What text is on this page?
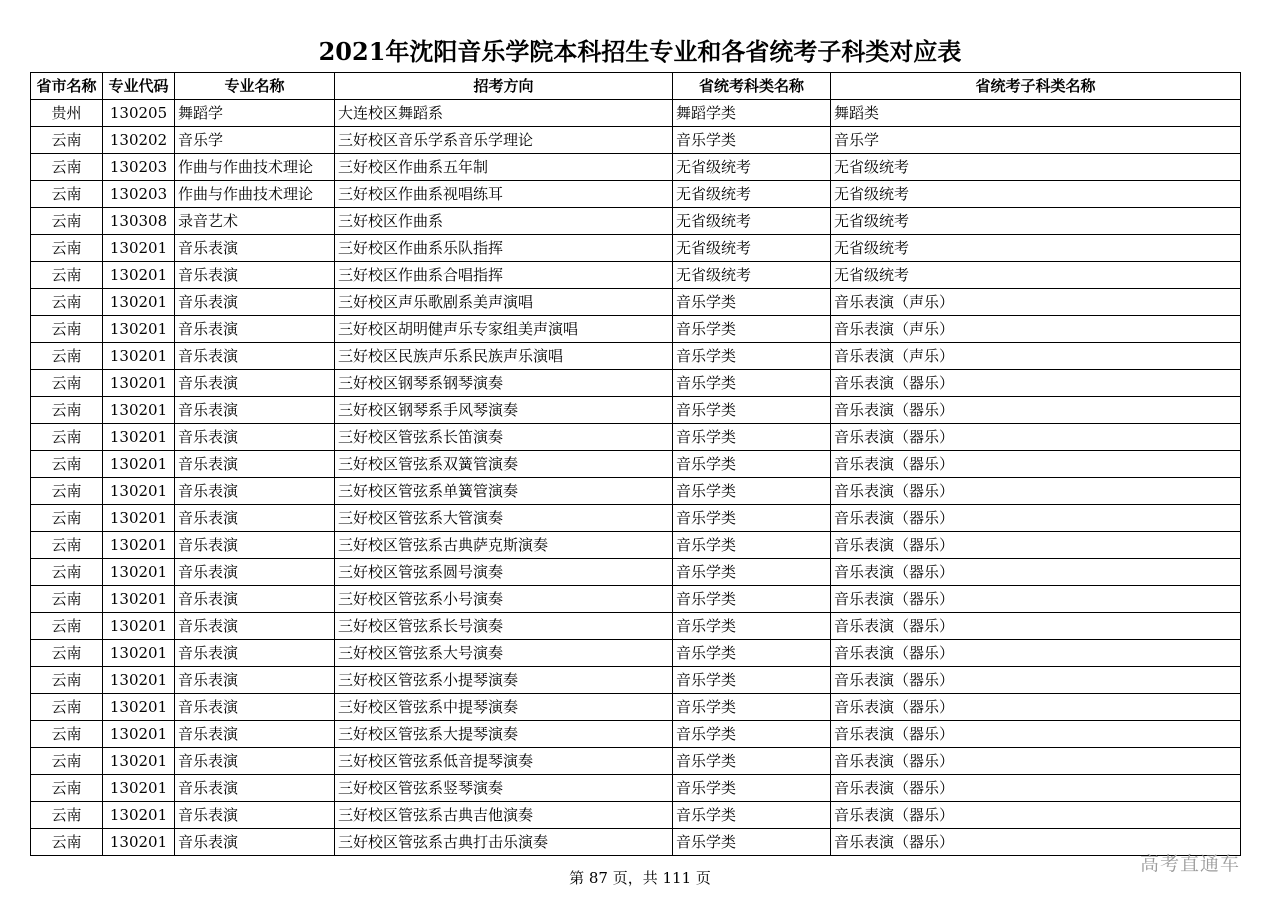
2021年沈阳音乐学院本科招生专业和各省统考子科类对应表
省市名称	专业代码	专业名称	招考方向	省统考科类名称	省统考子科类名称
贵州	130205	舞蹈学	大连校区舞蹈系	舞蹈学类	舞蹈类
云南	130202	音乐学	三好校区音乐学系音乐学理论	音乐学类	音乐学
云南	130203	作曲与作曲技术理论	三好校区作曲系五年制	无省级统考	无省级统考
云南	130203	作曲与作曲技术理论	三好校区作曲系视唱练耳	无省级统考	无省级统考
云南	130308	录音艺术	三好校区作曲系	无省级统考	无省级统考
云南	130201	音乐表演	三好校区作曲系乐队指挥	无省级统考	无省级统考
云南	130201	音乐表演	三好校区作曲系合唱指挥	无省级统考	无省级统考
云南	130201	音乐表演	三好校区声乐歌剧系美声演唱	音乐学类	音乐表演（声乐）
云南	130201	音乐表演	三好校区胡明健声乐专家组美声演唱	音乐学类	音乐表演（声乐）
云南	130201	音乐表演	三好校区民族声乐系民族声乐演唱	音乐学类	音乐表演（声乐）
云南	130201	音乐表演	三好校区钢琴系钢琴演奏	音乐学类	音乐表演（器乐）
云南	130201	音乐表演	三好校区钢琴系手风琴演奏	音乐学类	音乐表演（器乐）
云南	130201	音乐表演	三好校区管弦系长笛演奏	音乐学类	音乐表演（器乐）
云南	130201	音乐表演	三好校区管弦系双簧管演奏	音乐学类	音乐表演（器乐）
云南	130201	音乐表演	三好校区管弦系单簧管演奏	音乐学类	音乐表演（器乐）
云南	130201	音乐表演	三好校区管弦系大管演奏	音乐学类	音乐表演（器乐）
云南	130201	音乐表演	三好校区管弦系古典萨克斯演奏	音乐学类	音乐表演（器乐）
云南	130201	音乐表演	三好校区管弦系圆号演奏	音乐学类	音乐表演（器乐）
云南	130201	音乐表演	三好校区管弦系小号演奏	音乐学类	音乐表演（器乐）
云南	130201	音乐表演	三好校区管弦系长号演奏	音乐学类	音乐表演（器乐）
云南	130201	音乐表演	三好校区管弦系大号演奏	音乐学类	音乐表演（器乐）
云南	130201	音乐表演	三好校区管弦系小提琴演奏	音乐学类	音乐表演（器乐）
云南	130201	音乐表演	三好校区管弦系中提琴演奏	音乐学类	音乐表演（器乐）
云南	130201	音乐表演	三好校区管弦系大提琴演奏	音乐学类	音乐表演（器乐）
云南	130201	音乐表演	三好校区管弦系低音提琴演奏	音乐学类	音乐表演（器乐）
云南	130201	音乐表演	三好校区管弦系竖琴演奏	音乐学类	音乐表演（器乐）
云南	130201	音乐表演	三好校区管弦系古典吉他演奏	音乐学类	音乐表演（器乐）
云南	130201	音乐表演	三好校区管弦系古典打击乐演奏	音乐学类	音乐表演（器乐）
第 87 页，共 111 页
高考直通车
